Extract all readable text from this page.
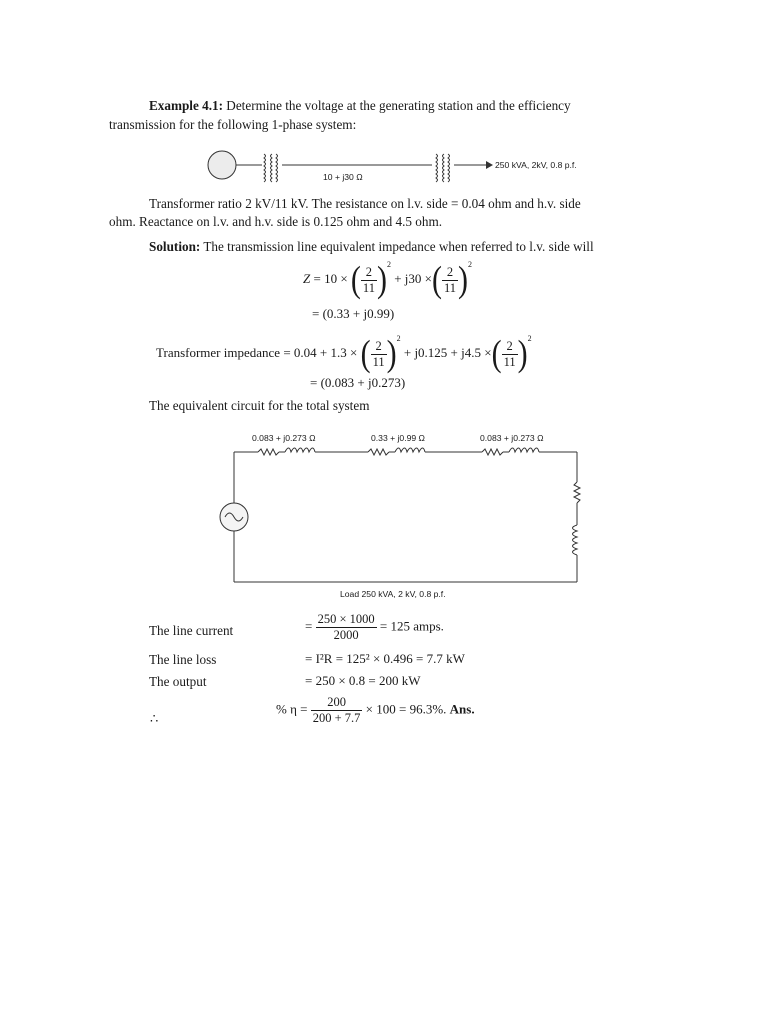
Example 4.1: Determine the voltage at the generating station and the efficiency
transmission for the following 1-phase system:
10 + j30 Ω
250 kVA, 2kV, 0.8 p.f.
Transformer ratio 2 kV/11 kV. The resistance on l.v. side = 0.04 ohm and h.v. side
ohm. Reactance on l.v. and h.v. side is 0.125 ohm and 4.5 ohm.
Solution: The transmission line equivalent impedance when referred to l.v. side will
Z = 10 × ( $\frac{2}{11} )^2 + j30$ ×( $\frac{2}{11} )^2$
= (0.33 + j0.99)
Transformer impedance = 0.04 + 1.3 × ( $\frac{2}{11} )^2 + j0.125 + j4.5$ ×( $\frac{2}{11} )^2$
= (0.083 + j0.273)
The equivalent circuit for the total system
0.083 + j0.273 Ω	0.33 + j0.99 Ω	0.083 + j0.273 Ω
Load 250 kVA, 2 kV, 0.8 p.f.
The line current	= $\frac{250 \times 1000}{2000} = 125$ amps.
The line loss	= I²R = 125² × 0.496 = 7.7 kW
The output	= 250 × 0.8 = 200 kW
∴
% $\eta = \frac{200}{200 + 7.7} \times 100 = 96.3\%$. Ans.
